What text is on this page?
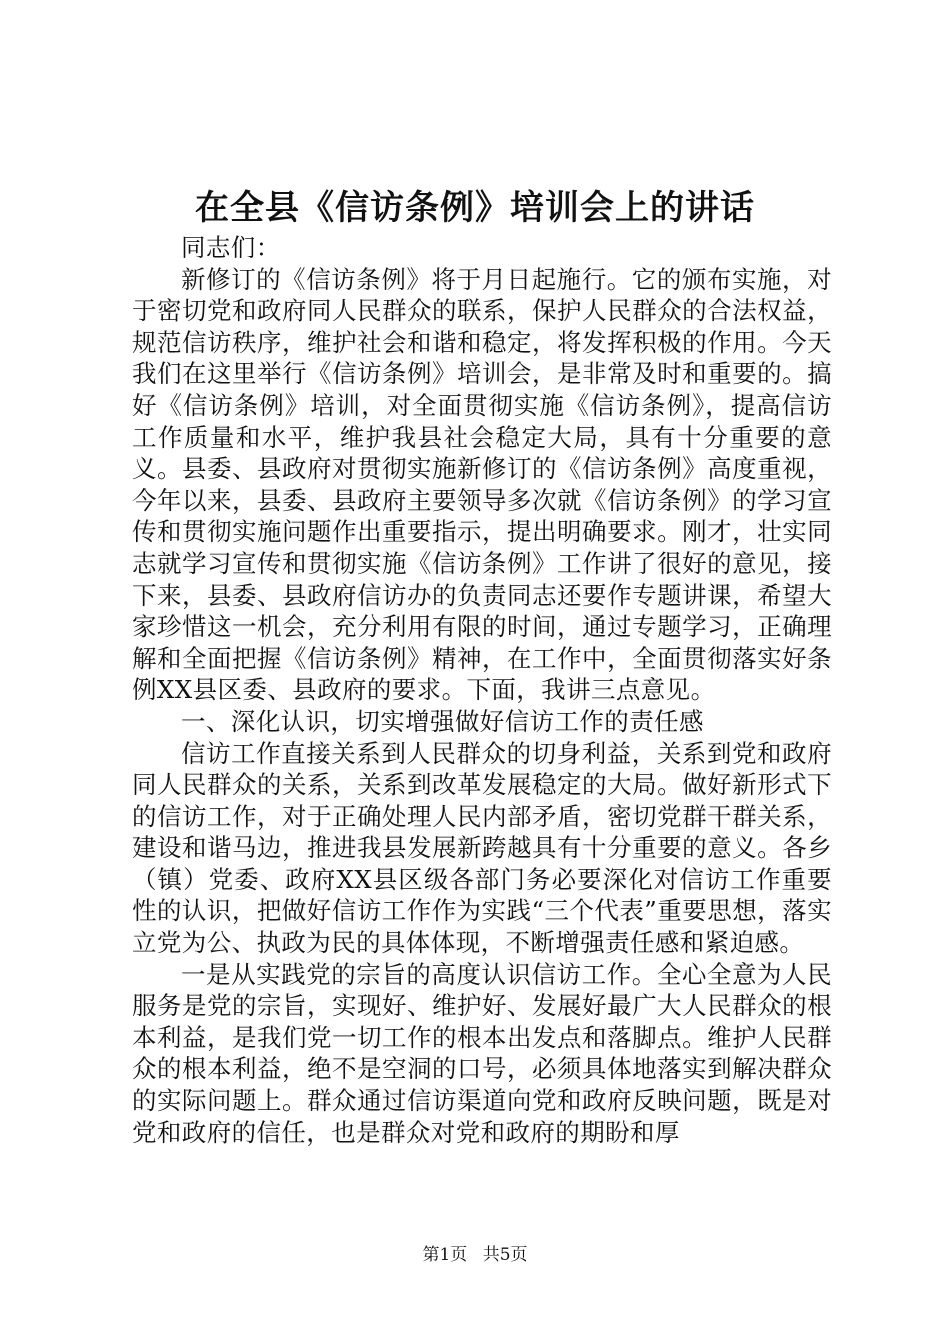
在全县《信访条例》培训会上的讲话

同志们：

新修订的《信访条例》将于月日起施行。它的颁布实施，对于密切党和政府同人民群众的联系，保护人民群众的合法权益，规范信访秩序，维护社会和谐和稳定，将发挥积极的作用。今天我们在这里举行《信访条例》培训会，是非常及时和重要的。搞好《信访条例》培训，对全面贯彻实施《信访条例》，提高信访工作质量和水平，维护我县社会稳定大局，具有十分重要的意义。县委、县政府对贯彻实施新修订的《信访条例》高度重视，今年以来，县委、县政府主要领导多次就《信访条例》的学习宣传和贯彻实施问题作出重要指示，提出明确要求。刚才，壮实同志就学习宣传和贯彻实施《信访条例》工作讲了很好的意见，接下来，县委、县政府信访办的负责同志还要作专题讲课，希望大家珍惜这一机会，充分利用有限的时间，通过专题学习，正确理解和全面把握《信访条例》精神，在工作中，全面贯彻落实好条例XX县区委、县政府的要求。下面，我讲三点意见。

一、深化认识，切实增强做好信访工作的责任感

信访工作直接关系到人民群众的切身利益，关系到党和政府同人民群众的关系，关系到改革发展稳定的大局。做好新形式下的信访工作，对于正确处理人民内部矛盾，密切党群干群关系，建设和谐马边，推进我县发展新跨越具有十分重要的意义。各乡（镇）党委、政府XX县区级各部门务必要深化对信访工作重要性的认识，把做好信访工作作为实践“三个代表”重要思想，落实立党为公、执政为民的具体体现，不断增强责任感和紧迫感。

一是从实践党的宗旨的高度认识信访工作。全心全意为人民服务是党的宗旨，实现好、维护好、发展好最广大人民群众的根本利益，是我们党一切工作的根本出发点和落脚点。维护人民群众的根本利益，绝不是空洞的口号，必须具体地落实到解决群众的实际问题上。群众通过信访渠道向党和政府反映问题，既是对党和政府的信任，也是群众对党和政府的期盼和厚

第1页 共5页
